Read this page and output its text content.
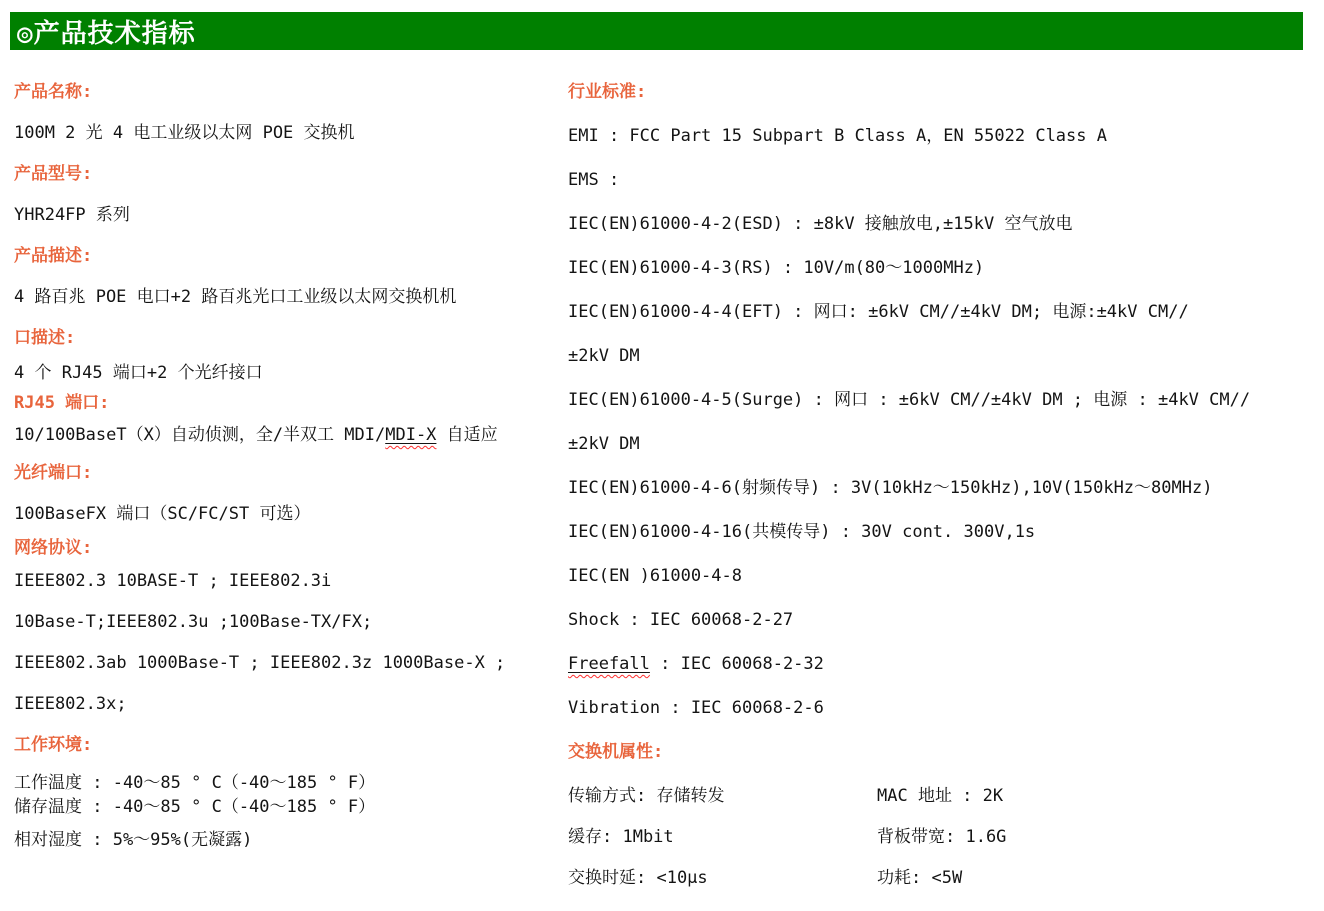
◎产品技术指标

产品名称:

100M 2 光 4 电工业级以太网 POE 交换机

产品型号:

YHR24FP 系列

产品描述:

4 路百兆 POE 电口+2 路百兆光口工业级以太网交换机机

口描述:

4 个 RJ45 端口+2 个光纤接口

RJ45 端口:

10/100BaseT（X）自动侦测，全/半双工 MDI/MDI-X 自适应

光纤端口:

100BaseFX 端口（SC/FC/ST 可选）

网络协议:

IEEE802.3 10BASE-T ; IEEE802.3i

10Base-T;IEEE802.3u ;100Base-TX/FX;

IEEE802.3ab 1000Base-T ; IEEE802.3z 1000Base-X ;

IEEE802.3x;

工作环境:

工作温度 : -40～85 ° C（-40～185 ° F）

储存温度 : -40～85 ° C（-40～185 ° F）

相对湿度 : 5%～95%(无凝露)

行业标准:

EMI : FCC Part 15 Subpart B Class A，EN 55022 Class A

EMS :

IEC(EN)61000-4-2(ESD) : ±8kV 接触放电,±15kV 空气放电

IEC(EN)61000-4-3(RS) : 10V/m(80～1000MHz)

IEC(EN)61000-4-4(EFT) : 网口: ±6kV CM//±4kV DM; 电源:±4kV CM//

±2kV DM

IEC(EN)61000-4-5(Surge) : 网口 : ±6kV CM//±4kV DM ; 电源 : ±4kV CM//

±2kV DM

IEC(EN)61000-4-6(射频传导) : 3V(10kHz～150kHz),10V(150kHz～80MHz)

IEC(EN)61000-4-16(共模传导) : 30V cont. 300V,1s

IEC(EN )61000-4-8

Shock : IEC 60068-2-27

Freefall : IEC 60068-2-32

Vibration : IEC 60068-2-6

交换机属性:

传输方式: 存储转发	MAC 地址 : 2K
缓存: 1Mbit	背板带宽: 1.6G
交换时延: <10μs	功耗: <5W
